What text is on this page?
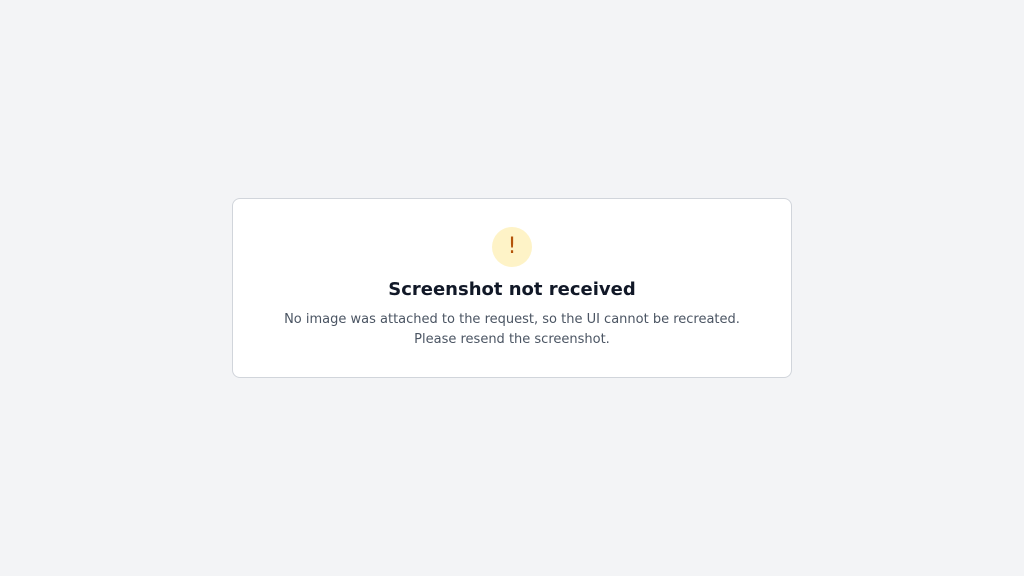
!

Screenshot not received

No image was attached to the request, so the UI cannot be recreated. Please resend the screenshot.
